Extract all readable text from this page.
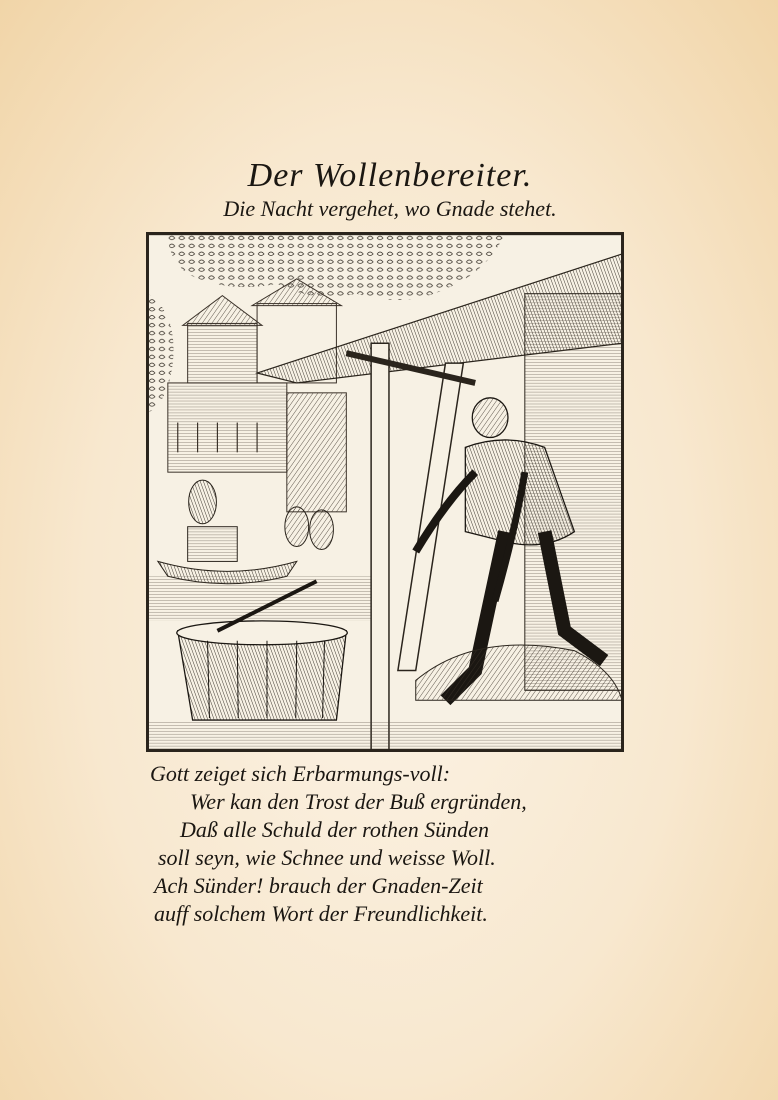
Der Wollenbereiter.
Die Nacht vergehet, wo Gnade stehet.
Gott zeiget sich Erbarmungs-voll:
Wer kan den Trost der Buß ergründen,
Daß alle Schuld der rothen Sünden
soll seyn, wie Schnee und weisse Woll.
Ach Sünder! brauch der Gnaden-Zeit
auff solchem Wort der Freundlichkeit.
